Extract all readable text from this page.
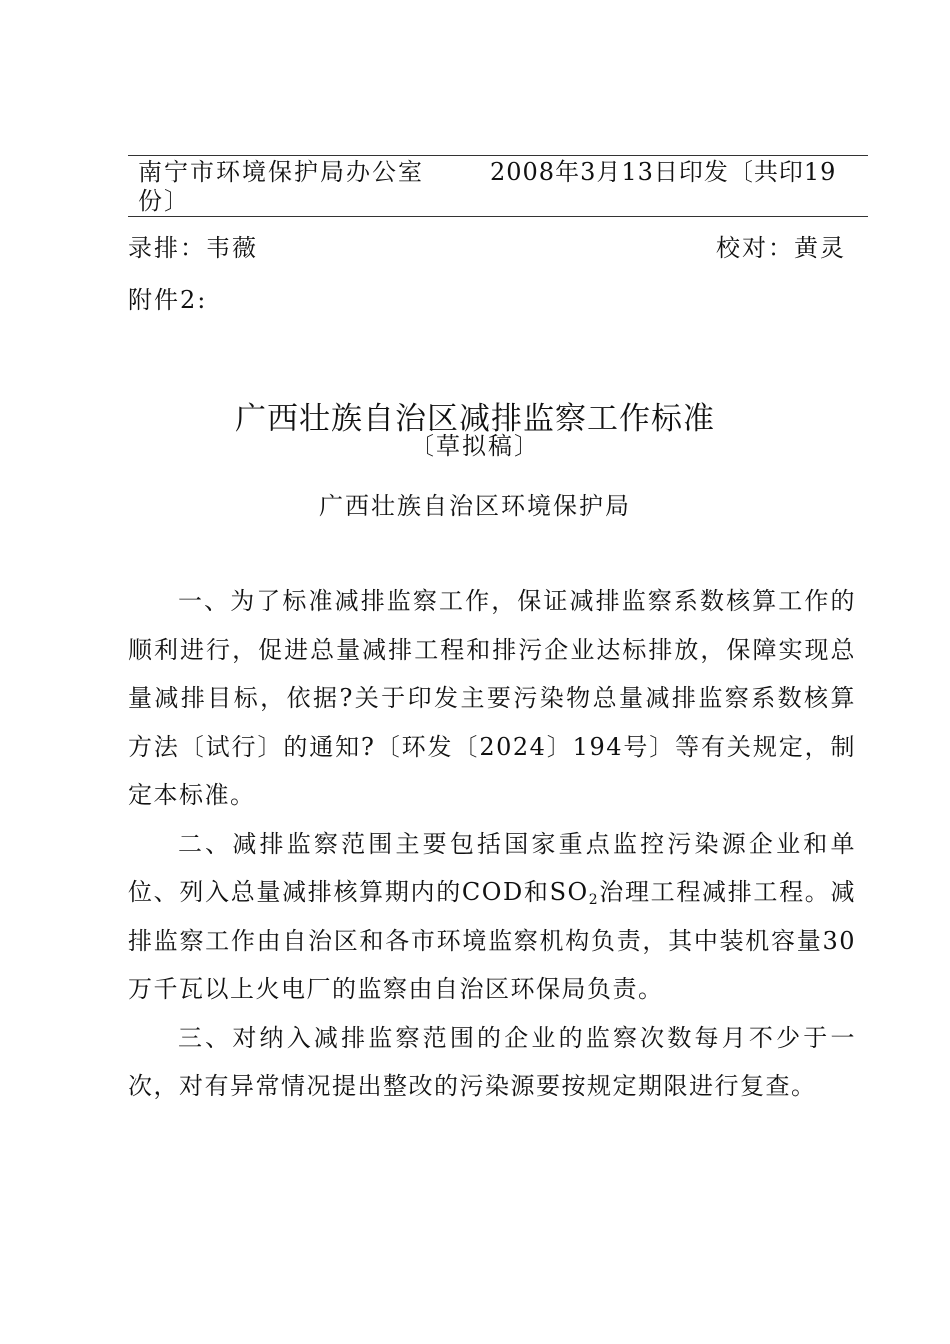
南宁市环境保护局办公室
份〕
2008年3月13日印发〔共印19
录排：韦薇	校对：黄灵
附件2:
广西壮族自治区减排监察工作标准
〔草拟稿〕
广西壮族自治区环境保护局

一、为了标准减排监察工作，保证减排监察系数核算工作的顺利进行，促进总量减排工程和排污企业达标排放，保障实现总量减排目标，依据?关于印发主要污染物总量减排监察系数核算方法〔试行〕的通知?〔环发〔2024〕194号〕等有关规定，制定本标准。

二、减排监察范围主要包括国家重点监控污染源企业和单位、列入总量减排核算期内的COD和$SO_2$治理工程减排工程。减排监察工作由自治区和各市环境监察机构负责，其中装机容量30万千瓦以上火电厂的监察由自治区环保局负责。

三、对纳入减排监察范围的企业的监察次数每月不少于一次，对有异常情况提出整改的污染源要按规定期限进行复查。
